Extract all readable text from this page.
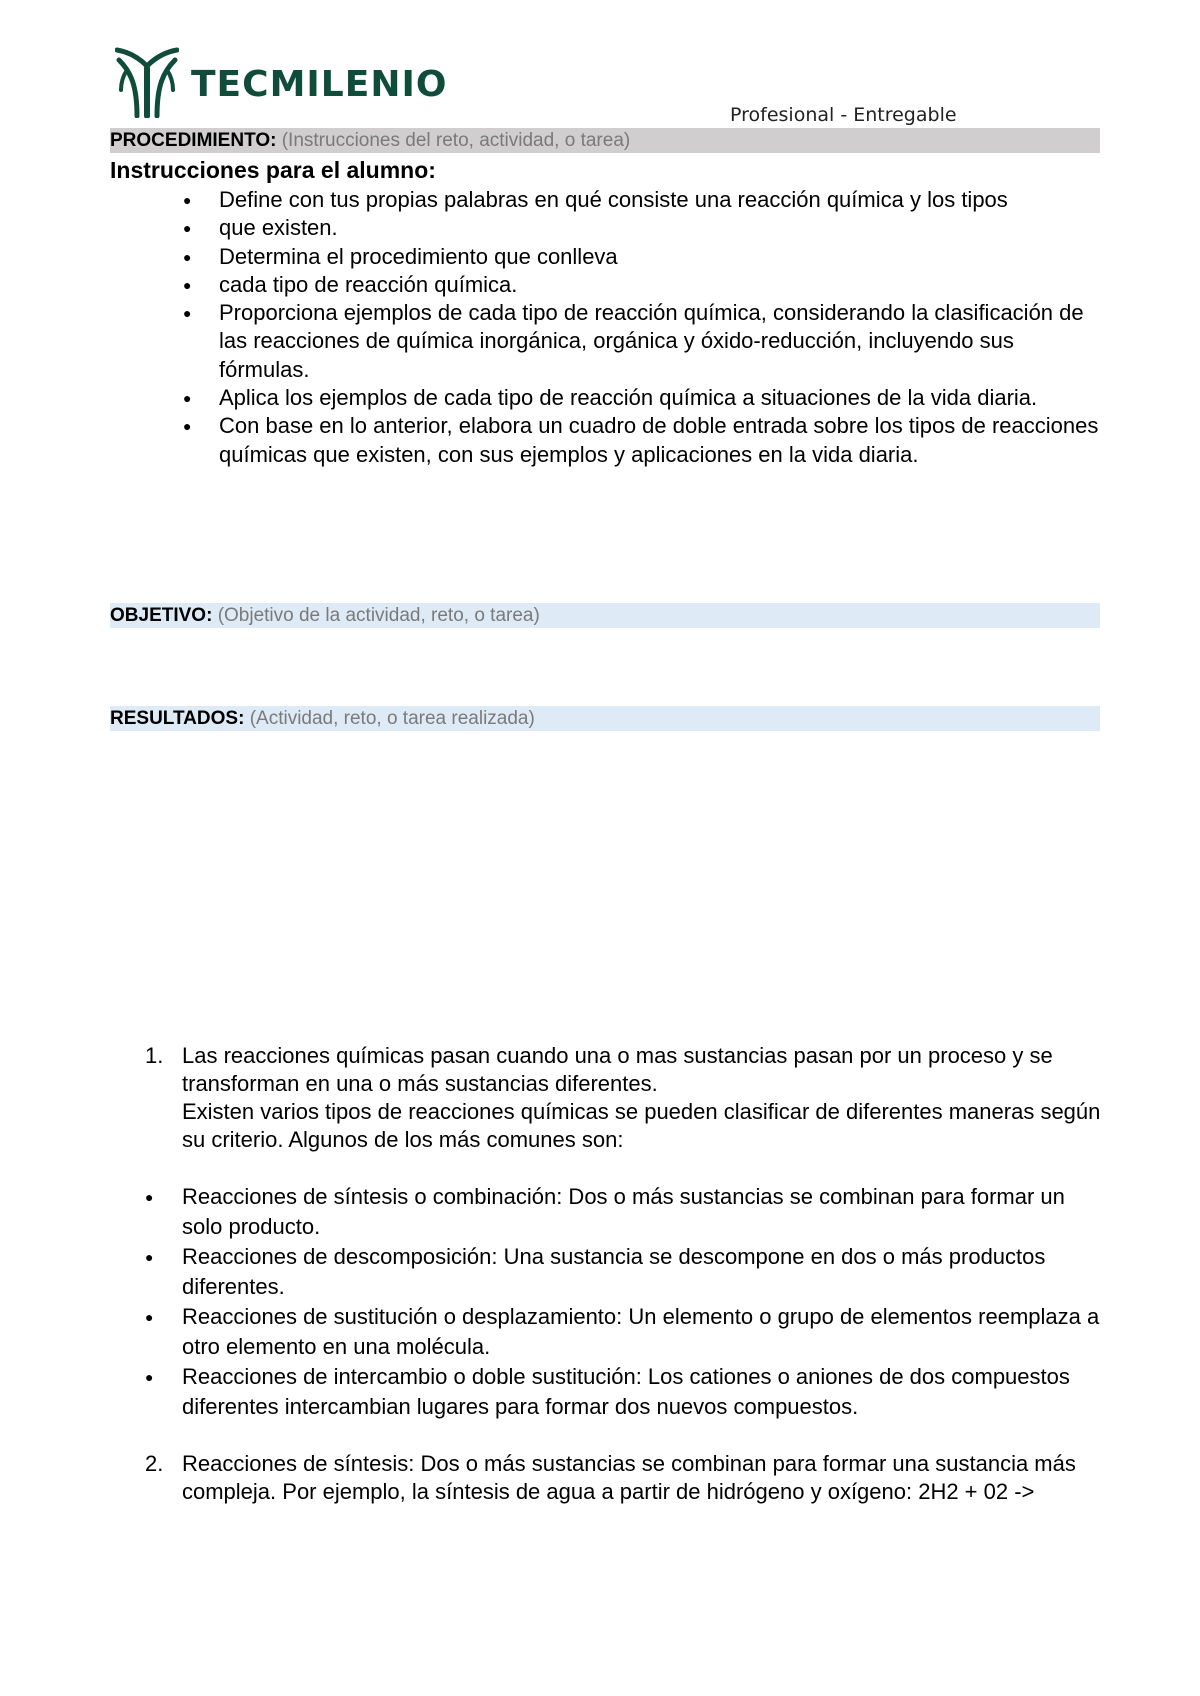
TECMILENIO
Profesional - Entregable
PROCEDIMIENTO: (Instrucciones del reto, actividad, o tarea)
Instrucciones para el alumno:
● Define con tus propias palabras en qué consiste una reacción química y los tipos
● que existen.
● Determina el procedimiento que conlleva
● cada tipo de reacción química.
● Proporciona ejemplos de cada tipo de reacción química, considerando la clasificación de las reacciones de química inorgánica, orgánica y óxido-reducción, incluyendo sus fórmulas.
● Aplica los ejemplos de cada tipo de reacción química a situaciones de la vida diaria.
● Con base en lo anterior, elabora un cuadro de doble entrada sobre los tipos de reacciones químicas que existen, con sus ejemplos y aplicaciones en la vida diaria.
OBJETIVO: (Objetivo de la actividad, reto, o tarea)
RESULTADOS: (Actividad, reto, o tarea realizada)
1. Las reacciones químicas pasan cuando una o mas sustancias pasan por un proceso y se transforman en una o más sustancias diferentes.
Existen varios tipos de reacciones químicas se pueden clasificar de diferentes maneras según su criterio. Algunos de los más comunes son:
● Reacciones de síntesis o combinación: Dos o más sustancias se combinan para formar un solo producto.
● Reacciones de descomposición: Una sustancia se descompone en dos o más productos diferentes.
● Reacciones de sustitución o desplazamiento: Un elemento o grupo de elementos reemplaza a otro elemento en una molécula.
● Reacciones de intercambio o doble sustitución: Los cationes o aniones de dos compuestos diferentes intercambian lugares para formar dos nuevos compuestos.
2. Reacciones de síntesis: Dos o más sustancias se combinan para formar una sustancia más compleja. Por ejemplo, la síntesis de agua a partir de hidrógeno y oxígeno: 2H2 + 02 ->
